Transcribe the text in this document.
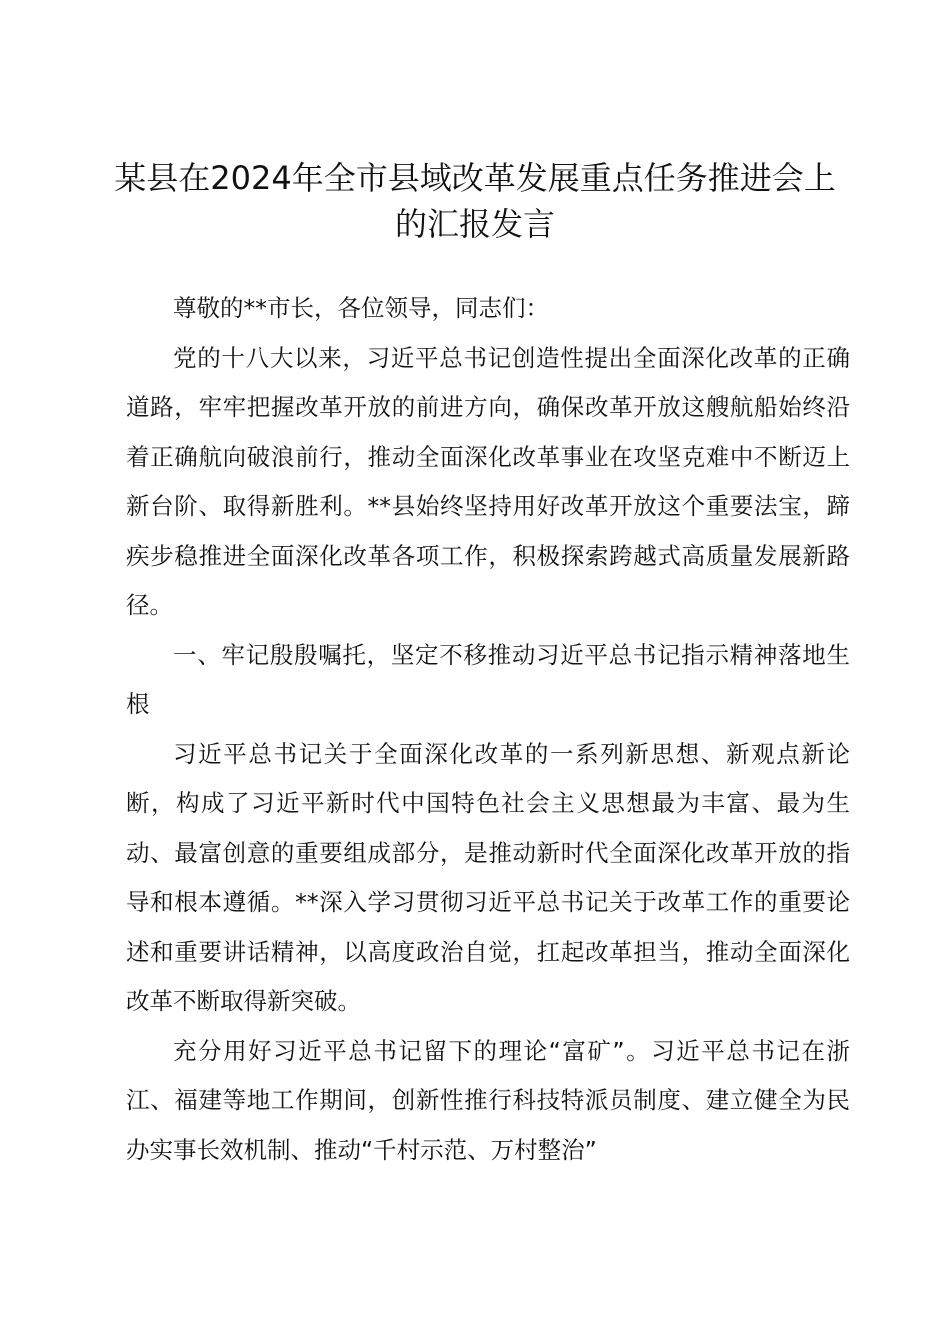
某县在2024年全市县域改革发展重点任务推进会上的汇报发言

尊敬的**市长，各位领导，同志们：

党的十八大以来，习近平总书记创造性提出全面深化改革的正确道路，牢牢把握改革开放的前进方向，确保改革开放这艘航船始终沿着正确航向破浪前行，推动全面深化改革事业在攻坚克难中不断迈上新台阶、取得新胜利。**县始终坚持用好改革开放这个重要法宝，蹄疾步稳推进全面深化改革各项工作，积极探索跨越式高质量发展新路径。

一、牢记殷殷嘱托，坚定不移推动习近平总书记指示精神落地生根

习近平总书记关于全面深化改革的一系列新思想、新观点新论断，构成了习近平新时代中国特色社会主义思想最为丰富、最为生动、最富创意的重要组成部分，是推动新时代全面深化改革开放的指导和根本遵循。**深入学习贯彻习近平总书记关于改革工作的重要论述和重要讲话精神，以高度政治自觉，扛起改革担当，推动全面深化改革不断取得新突破。

充分用好习近平总书记留下的理论“富矿”。习近平总书记在浙江、福建等地工作期间，创新性推行科技特派员制度、建立健全为民办实事长效机制、推动“千村示范、万村整治”
